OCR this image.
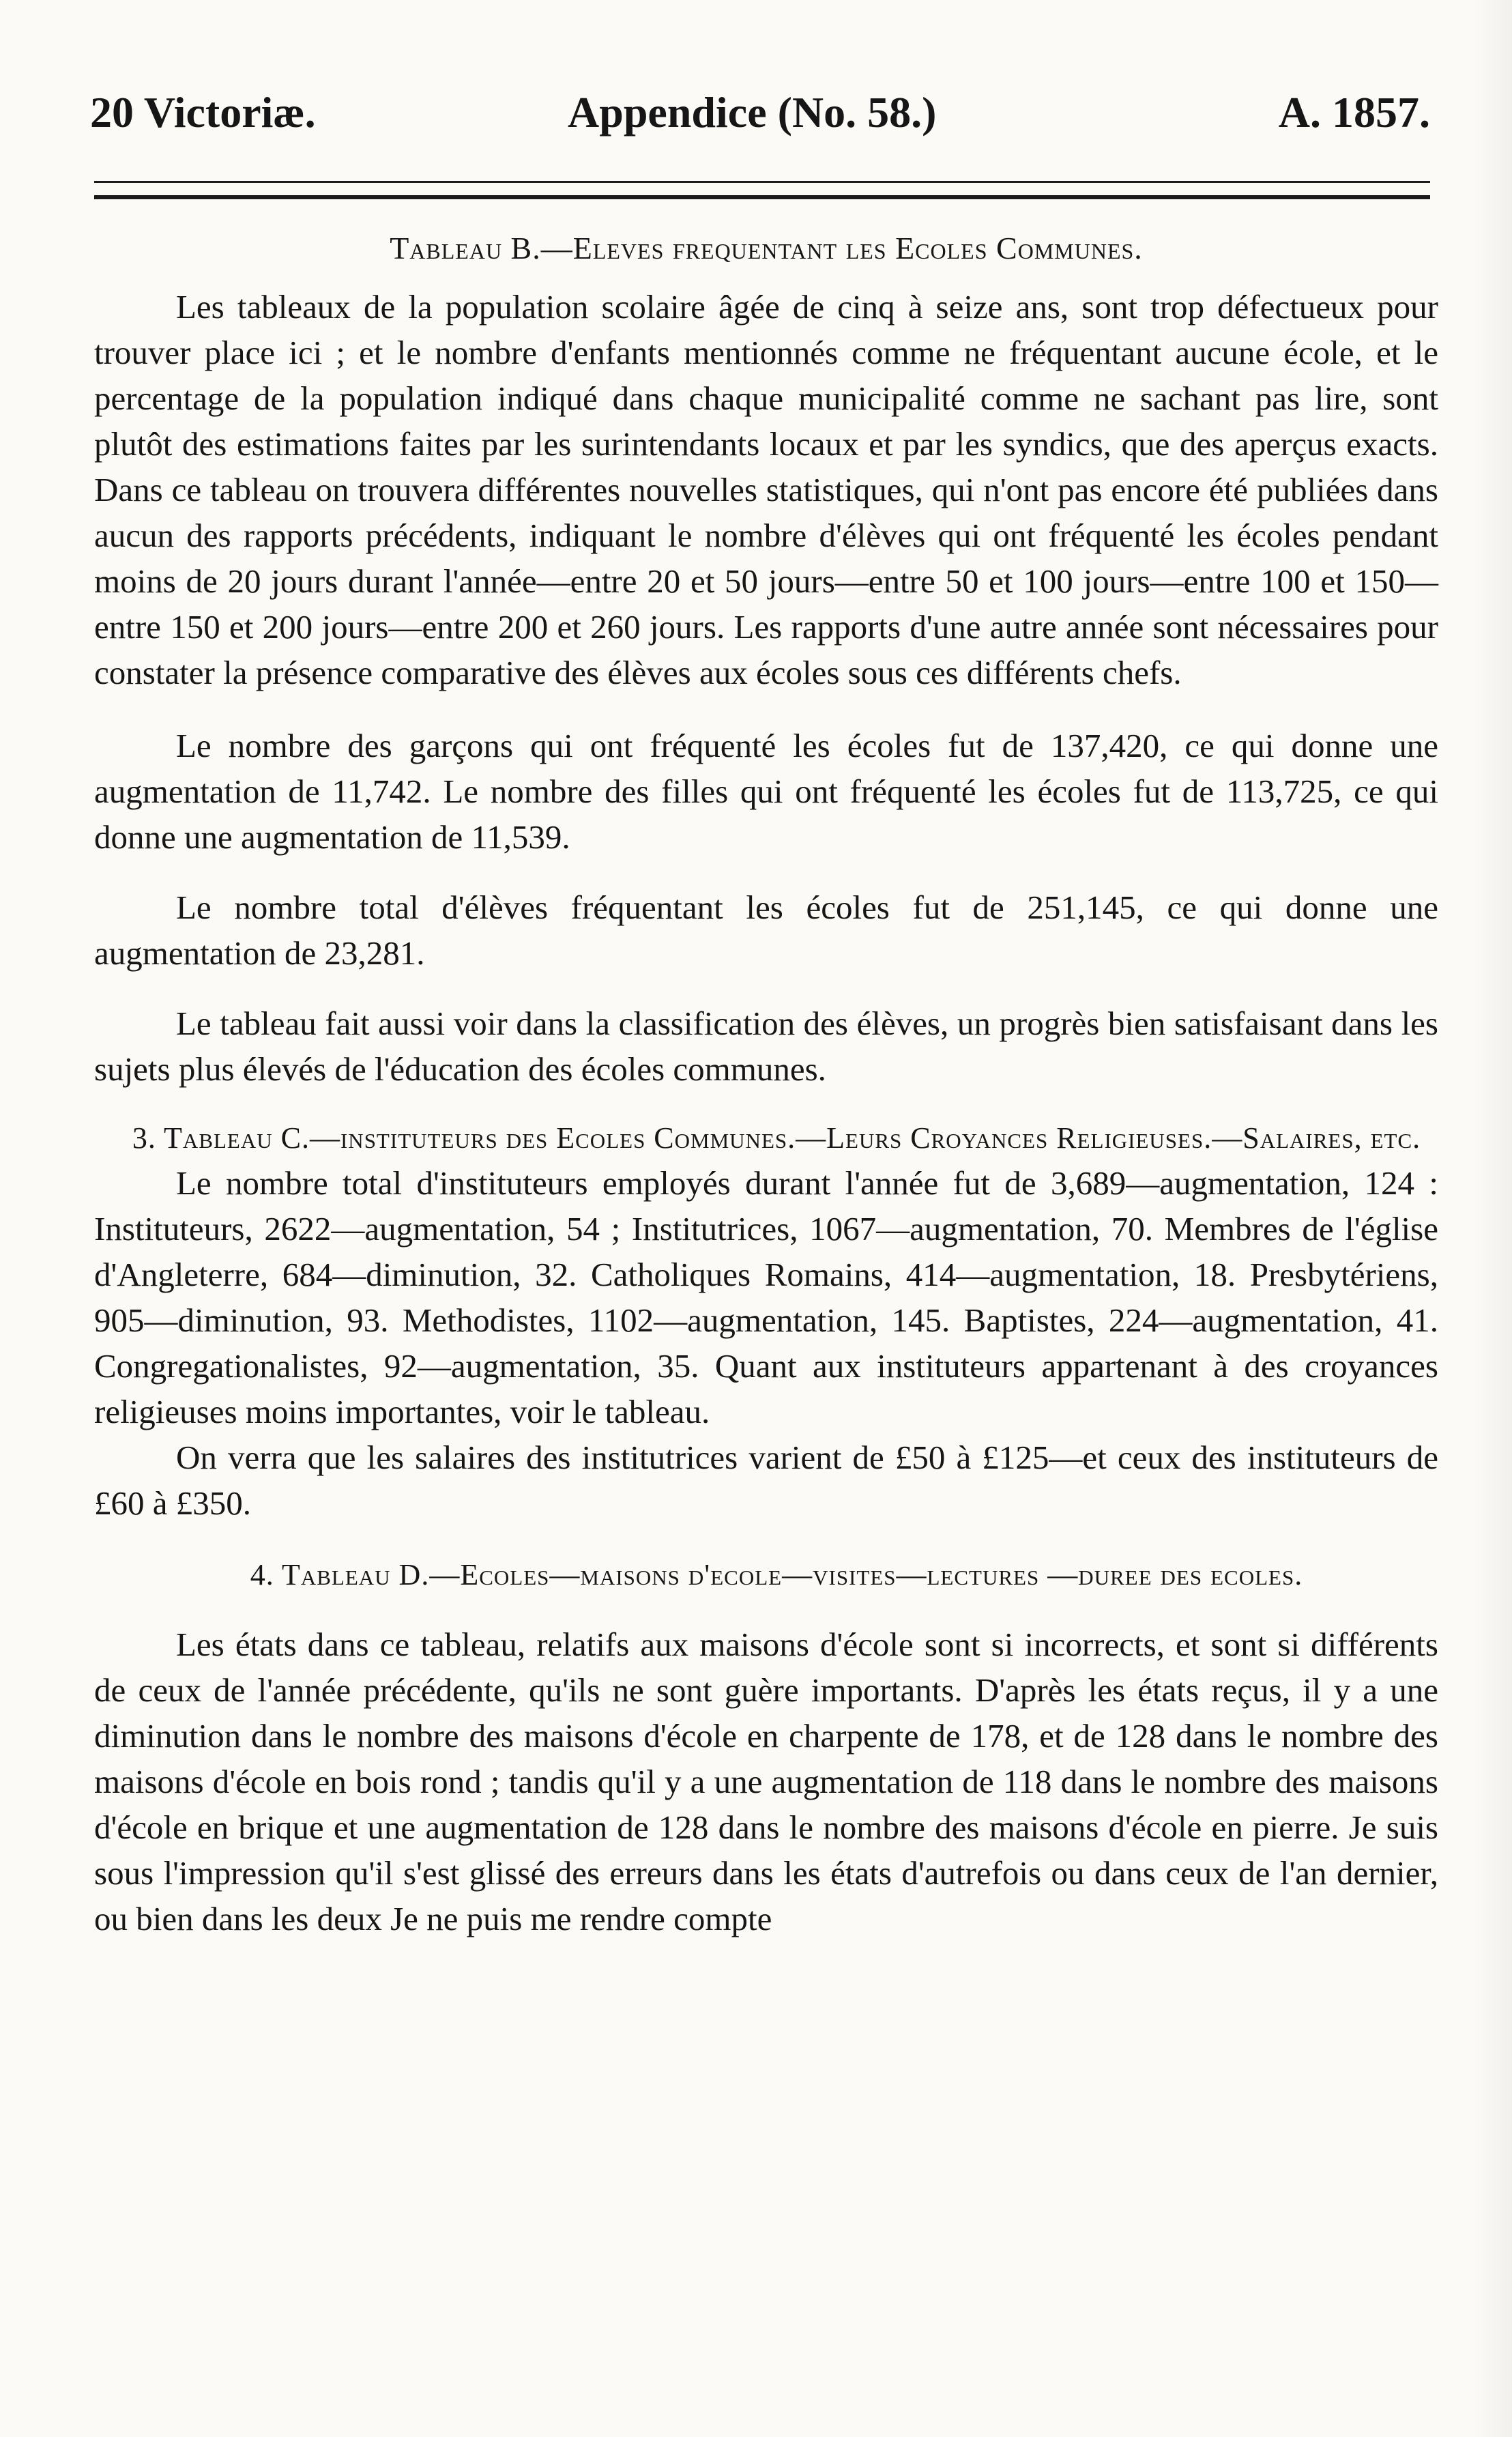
20 Victoriæ.	Appendice (No. 58.)	A. 1857.

Tableau B.—Eleves frequentant les Ecoles Communes.

Les tableaux de la population scolaire âgée de cinq à seize ans, sont trop défectueux pour trouver place ici ; et le nombre d'enfants mentionnés comme ne fréquentant aucune école, et le percentage de la population indiqué dans chaque municipalité comme ne sachant pas lire, sont plutôt des estimations faites par les surintendants locaux et par les syndics, que des aperçus exacts. Dans ce tableau on trouvera différentes nouvelles statistiques, qui n'ont pas encore été publiées dans aucun des rapports précédents, indiquant le nombre d'élèves qui ont fréquenté les écoles pendant moins de 20 jours durant l'année—entre 20 et 50 jours—entre 50 et 100 jours—entre 100 et 150—entre 150 et 200 jours—entre 200 et 260 jours. Les rapports d'une autre année sont nécessaires pour constater la présence comparative des élèves aux écoles sous ces différents chefs.

Le nombre des garçons qui ont fréquenté les écoles fut de 137,420, ce qui donne une augmentation de 11,742. Le nombre des filles qui ont fréquenté les écoles fut de 113,725, ce qui donne une augmentation de 11,539.

Le nombre total d'élèves fréquentant les écoles fut de 251,145, ce qui donne une augmentation de 23,281.

Le tableau fait aussi voir dans la classification des élèves, un progrès bien satisfaisant dans les sujets plus élevés de l'éducation des écoles communes.

3. Tableau C.—instituteurs des Ecoles Communes.—Leurs Croyances Religieuses.—Salaires, etc.

Le nombre total d'instituteurs employés durant l'année fut de 3,689—augmentation, 124 : Instituteurs, 2622—augmentation, 54 ; Institutrices, 1067—augmentation, 70. Membres de l'église d'Angleterre, 684—diminution, 32. Catholiques Romains, 414—augmentation, 18. Presbytériens, 905—diminution, 93. Methodistes, 1102—augmentation, 145. Baptistes, 224—augmentation, 41. Congregationalistes, 92—augmentation, 35. Quant aux instituteurs appartenant à des croyances religieuses moins importantes, voir le tableau.

On verra que les salaires des institutrices varient de £50 à £125—et ceux des instituteurs de £60 à £350.

4. Tableau D.—Ecoles—maisons d'ecole—visites—lectures —duree des ecoles.

Les états dans ce tableau, relatifs aux maisons d'école sont si incorrects, et sont si différents de ceux de l'année précédente, qu'ils ne sont guère importants. D'après les états reçus, il y a une diminution dans le nombre des maisons d'école en charpente de 178, et de 128 dans le nombre des maisons d'école en bois rond ; tandis qu'il y a une augmentation de 118 dans le nombre des maisons d'école en brique et une augmentation de 128 dans le nombre des maisons d'école en pierre. Je suis sous l'impression qu'il s'est glissé des erreurs dans les états d'autrefois ou dans ceux de l'an dernier, ou bien dans les deux Je ne puis me rendre compte
